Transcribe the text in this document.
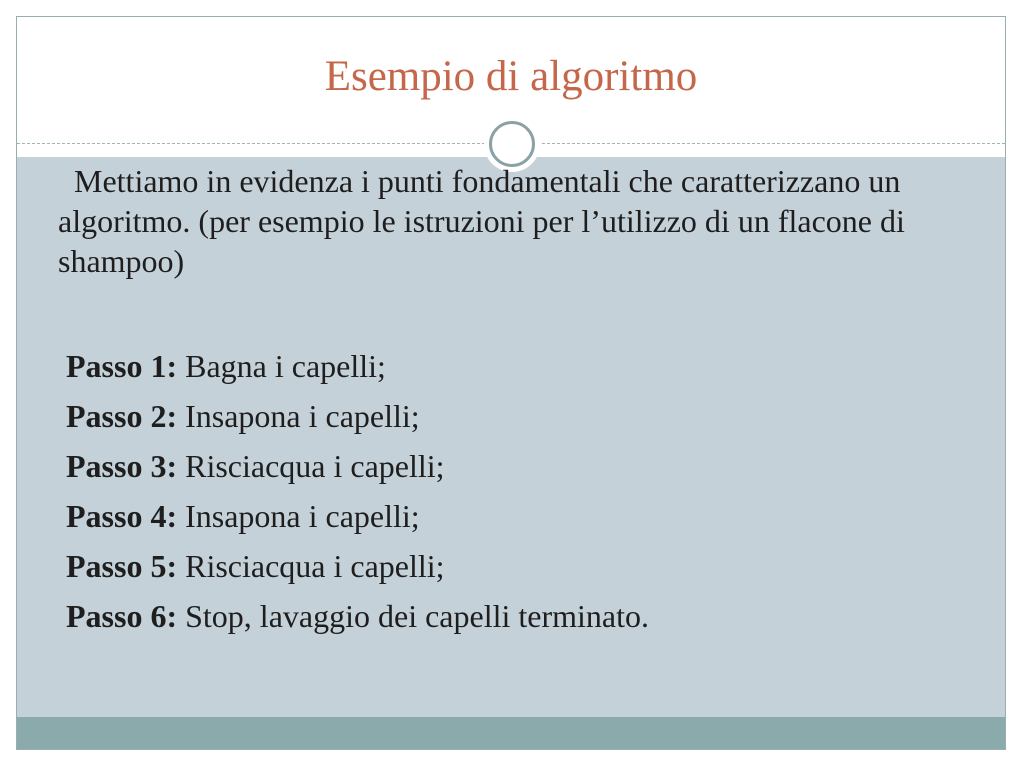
Esempio di algoritmo

Mettiamo in evidenza i punti fondamentali che caratterizzano un algoritmo. (per esempio le istruzioni per l’utilizzo di un flacone di shampoo)

Passo 1: Bagna i capelli;
Passo 2: Insapona i capelli;
Passo 3: Risciacqua i capelli;
Passo 4: Insapona i capelli;
Passo 5: Risciacqua i capelli;
Passo 6: Stop, lavaggio dei capelli terminato.
